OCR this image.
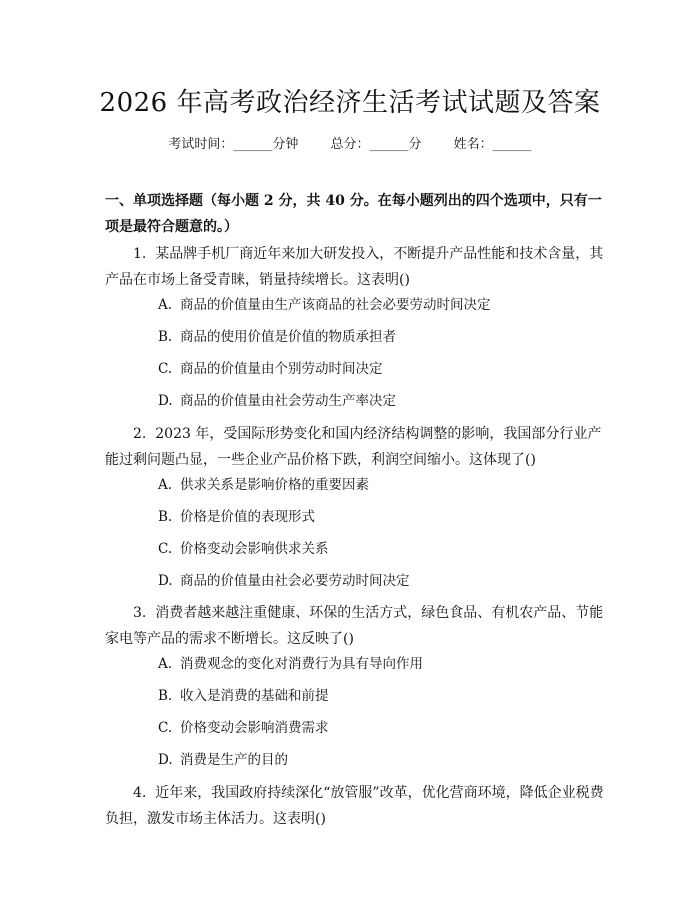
2026 年高考政治经济生活考试试题及答案
考试时间：______分钟 总分：______分 姓名：______
一、单项选择题（每小题 2 分，共 40 分。在每小题列出的四个选项中，只有一项是最符合题意的。）
1.  某品牌手机厂商近年来加大研发投入，不断提升产品性能和技术含量，其产品在市场上备受青睐，销量持续增长。这表明()
A. 商品的价值量由生产该商品的社会必要劳动时间决定
B. 商品的使用价值是价值的物质承担者
C. 商品的价值量由个别劳动时间决定
D. 商品的价值量由社会劳动生产率决定
2.  2023 年，受国际形势变化和国内经济结构调整的影响，我国部分行业产能过剩问题凸显，一些企业产品价格下跌，利润空间缩小。这体现了()
A. 供求关系是影响价格的重要因素
B. 价格是价值的表现形式
C. 价格变动会影响供求关系
D. 商品的价值量由社会必要劳动时间决定
3.  消费者越来越注重健康、环保的生活方式，绿色食品、有机农产品、节能家电等产品的需求不断增长。这反映了()
A. 消费观念的变化对消费行为具有导向作用
B. 收入是消费的基础和前提
C. 价格变动会影响消费需求
D. 消费是生产的目的
4.  近年来，我国政府持续深化“放管服”改革，优化营商环境，降低企业税费负担，激发市场主体活力。这表明()
